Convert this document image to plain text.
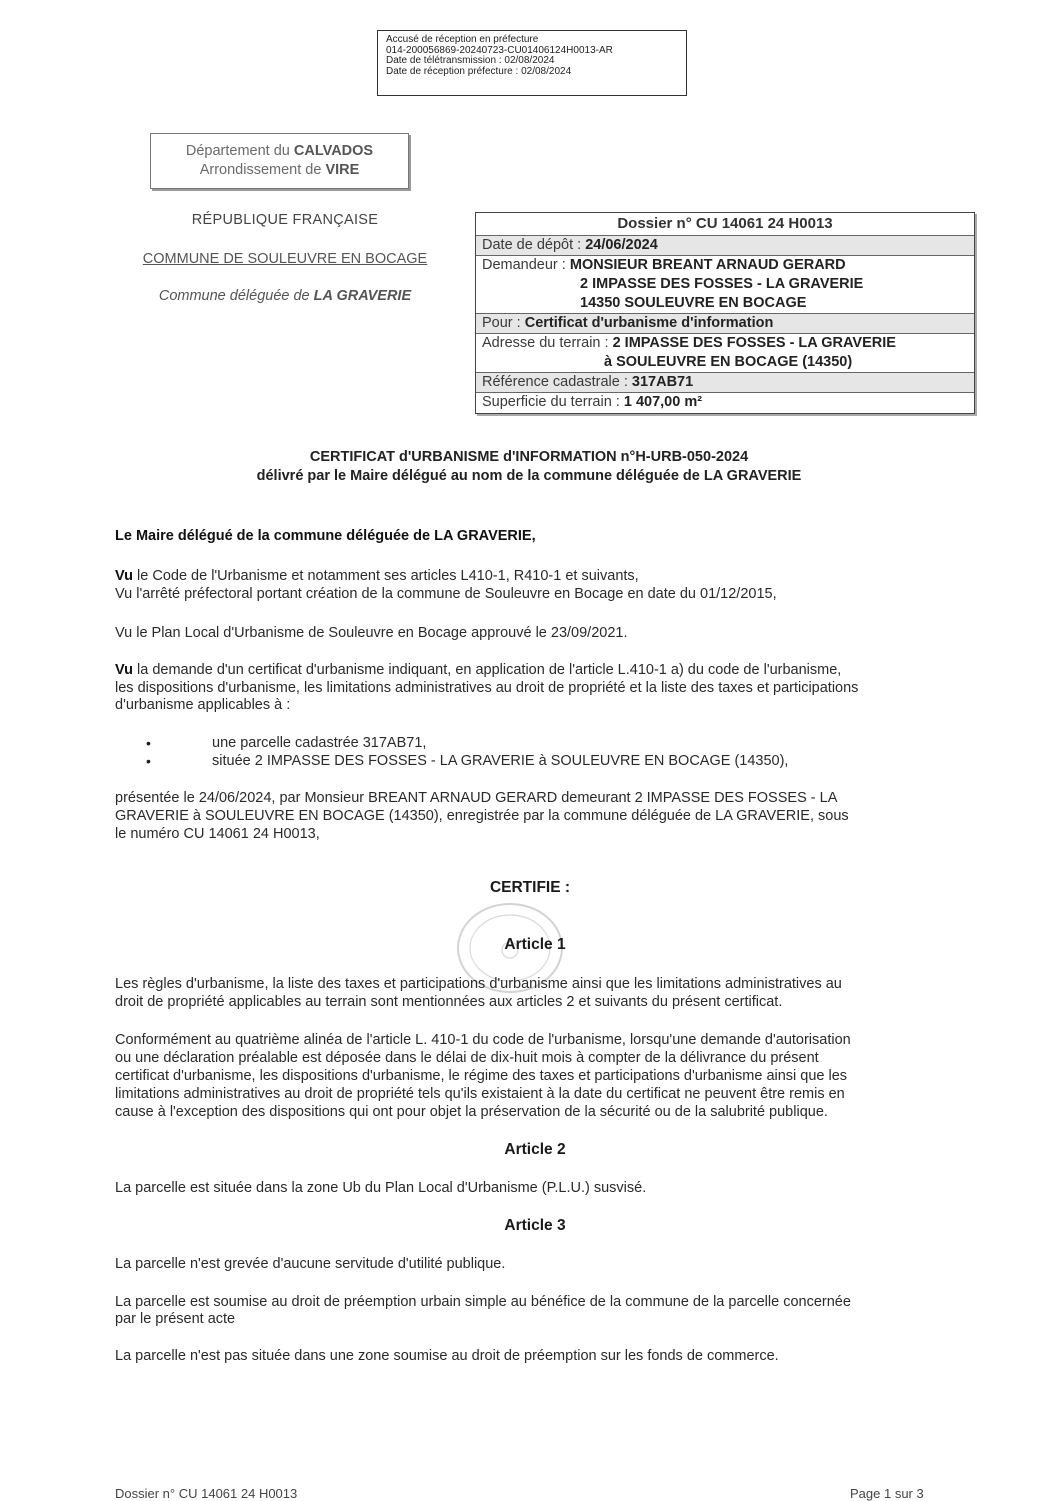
Accusé de réception en préfecture
014-200056869-20240723-CU01406124H0013-AR
Date de télétransmission : 02/08/2024
Date de réception préfecture : 02/08/2024
Département du CALVADOS
Arrondissement de VIRE
RÉPUBLIQUE FRANÇAISE
COMMUNE DE SOULEUVRE EN BOCAGE
Commune déléguée de LA GRAVERIE
Dossier n° CU 14061 24 H0013
Date de dépôt : 24/06/2024
Demandeur : MONSIEUR BREANT ARNAUD GERARD
2 IMPASSE DES FOSSES - LA GRAVERIE
14350 SOULEUVRE EN BOCAGE
Pour : Certificat d'urbanisme d'information
Adresse du terrain : 2 IMPASSE DES FOSSES - LA GRAVERIE
à SOULEUVRE EN BOCAGE (14350)
Référence cadastrale : 317AB71
Superficie du terrain : 1 407,00 m²
CERTIFICAT d'URBANISME d'INFORMATION n°H-URB-050-2024
délivré par le Maire délégué au nom de la commune déléguée de LA GRAVERIE
Le Maire délégué de la commune déléguée de LA GRAVERIE,
Vu le Code de l'Urbanisme et notamment ses articles L410-1, R410-1 et suivants,
Vu l'arrêté préfectoral portant création de la commune de Souleuvre en Bocage en date du 01/12/2015,
Vu le Plan Local d'Urbanisme de Souleuvre en Bocage approuvé le 23/09/2021.
Vu la demande d'un certificat d'urbanisme indiquant, en application de l'article L.410-1 a) du code de l'urbanisme,
les dispositions d'urbanisme, les limitations administratives au droit de propriété et la liste des taxes et participations
d'urbanisme applicables à :
•	une parcelle cadastrée 317AB71,
•	située 2 IMPASSE DES FOSSES - LA GRAVERIE à SOULEUVRE EN BOCAGE (14350),
présentée le 24/06/2024, par Monsieur BREANT ARNAUD GERARD demeurant 2 IMPASSE DES FOSSES - LA
GRAVERIE à SOULEUVRE EN BOCAGE (14350), enregistrée par la commune déléguée de LA GRAVERIE, sous
le numéro CU 14061 24 H0013,
CERTIFIE :
Article 1
Les règles d'urbanisme, la liste des taxes et participations d'urbanisme ainsi que les limitations administratives au
droit de propriété applicables au terrain sont mentionnées aux articles 2 et suivants du présent certificat.
Conformément au quatrième alinéa de l'article L. 410-1 du code de l'urbanisme, lorsqu'une demande d'autorisation
ou une déclaration préalable est déposée dans le délai de dix-huit mois à compter de la délivrance du présent
certificat d'urbanisme, les dispositions d'urbanisme, le régime des taxes et participations d'urbanisme ainsi que les
limitations administratives au droit de propriété tels qu'ils existaient à la date du certificat ne peuvent être remis en
cause à l'exception des dispositions qui ont pour objet la préservation de la sécurité ou de la salubrité publique.
Article 2
La parcelle est située dans la zone Ub du Plan Local d'Urbanisme (P.L.U.) susvisé.
Article 3
La parcelle n'est grevée d'aucune servitude d'utilité publique.
La parcelle est soumise au droit de préemption urbain simple au bénéfice de la commune de la parcelle concernée
par le présent acte
La parcelle n'est pas située dans une zone soumise au droit de préemption sur les fonds de commerce.
Dossier n° CU 14061 24 H0013	Page 1 sur 3
